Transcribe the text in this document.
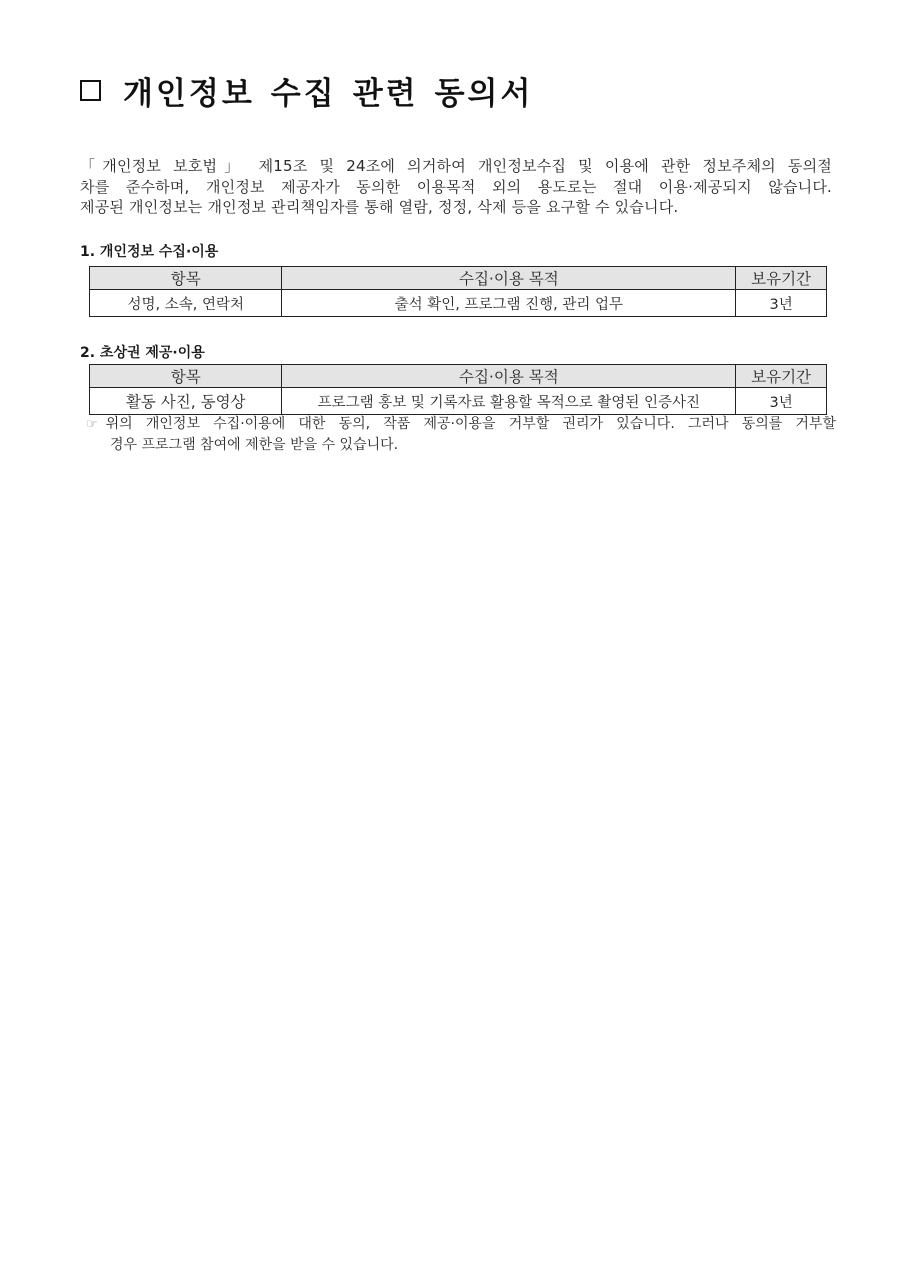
개인정보 수집 관련 동의서
「개인정보 보호법」 제15조 및 24조에 의거하여 개인정보수집 및 이용에 관한 정보주체의 동의절
차를 준수하며, 개인정보 제공자가 동의한 이용목적 외의 용도로는 절대 이용·제공되지 않습니다.
제공된 개인정보는 개인정보 관리책임자를 통해 열람, 정정, 삭제 등을 요구할 수 있습니다.
1. 개인정보 수집·이용
항목	수집·이용 목적	보유기간
성명, 소속, 연락처	출석 확인, 프로그램 진행, 관리 업무	3년
2. 초상권 제공·이용
항목	수집·이용 목적	보유기간
활동 사진, 동영상	프로그램 홍보 및 기록자료 활용할 목적으로 촬영된 인증사진	3년
☞ 위의 개인정보 수집·이용에 대한 동의, 작품 제공·이용을 거부할 권리가 있습니다. 그러나 동의를 거부할
경우 프로그램 참여에 제한을 받을 수 있습니다.
